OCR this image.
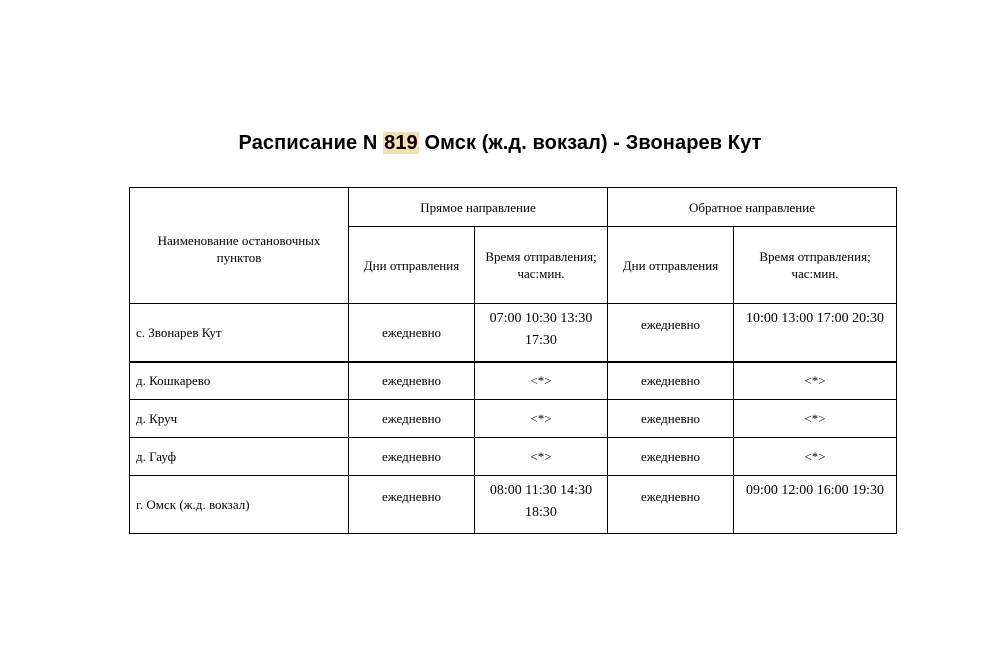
Расписание N 819 Омск (ж.д. вокзал) - Звонарев Кут
Наименование остановочных пунктов	Прямое направление		Обратное направление	
	Дни отправления	Время отправления; час:мин.	Дни отправления	Время отправления; час:мин.
с. Звонарев Кут	ежедневно	07:00 10:30 13:30 17:30	ежедневно	10:00 13:00 17:00 20:30
д. Кошкарево	ежедневно	<*>	ежедневно	<*>
д. Круч	ежедневно	<*>	ежедневно	<*>
д. Гауф	ежедневно	<*>	ежедневно	<*>
г. Омск (ж.д. вокзал)	ежедневно	08:00 11:30 14:30 18:30	ежедневно	09:00 12:00 16:00 19:30
